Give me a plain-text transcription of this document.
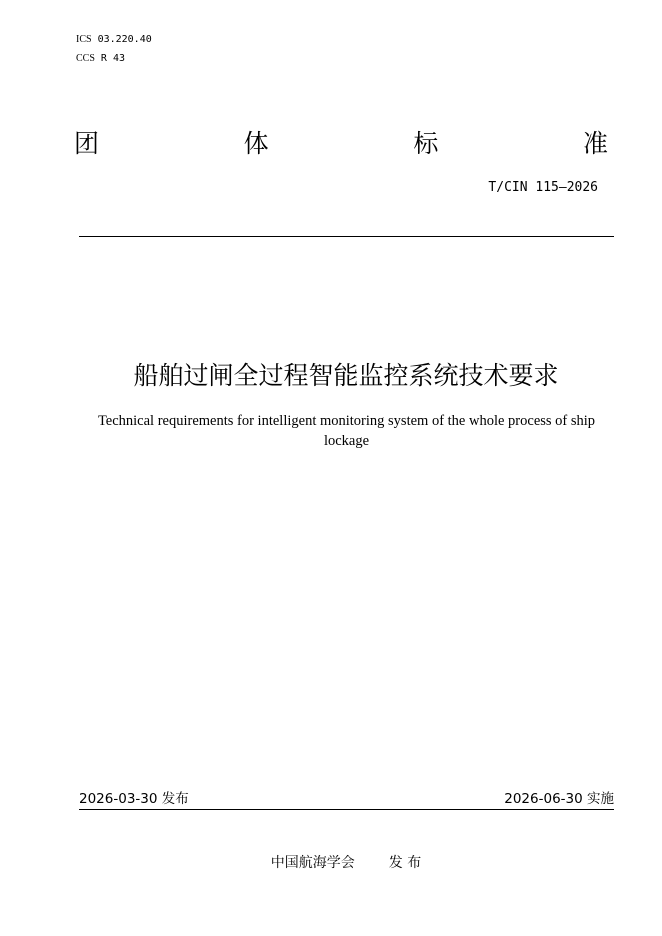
ICS 03.220.40
CCS R 43
团	体	标	准
T/CIN 115—2026
船舶过闸全过程智能监控系统技术要求
Technical requirements for intelligent monitoring system of the whole process of ship lockage
2026-03-30 发布	2026-06-30 实施
中国航海学会 发 布
